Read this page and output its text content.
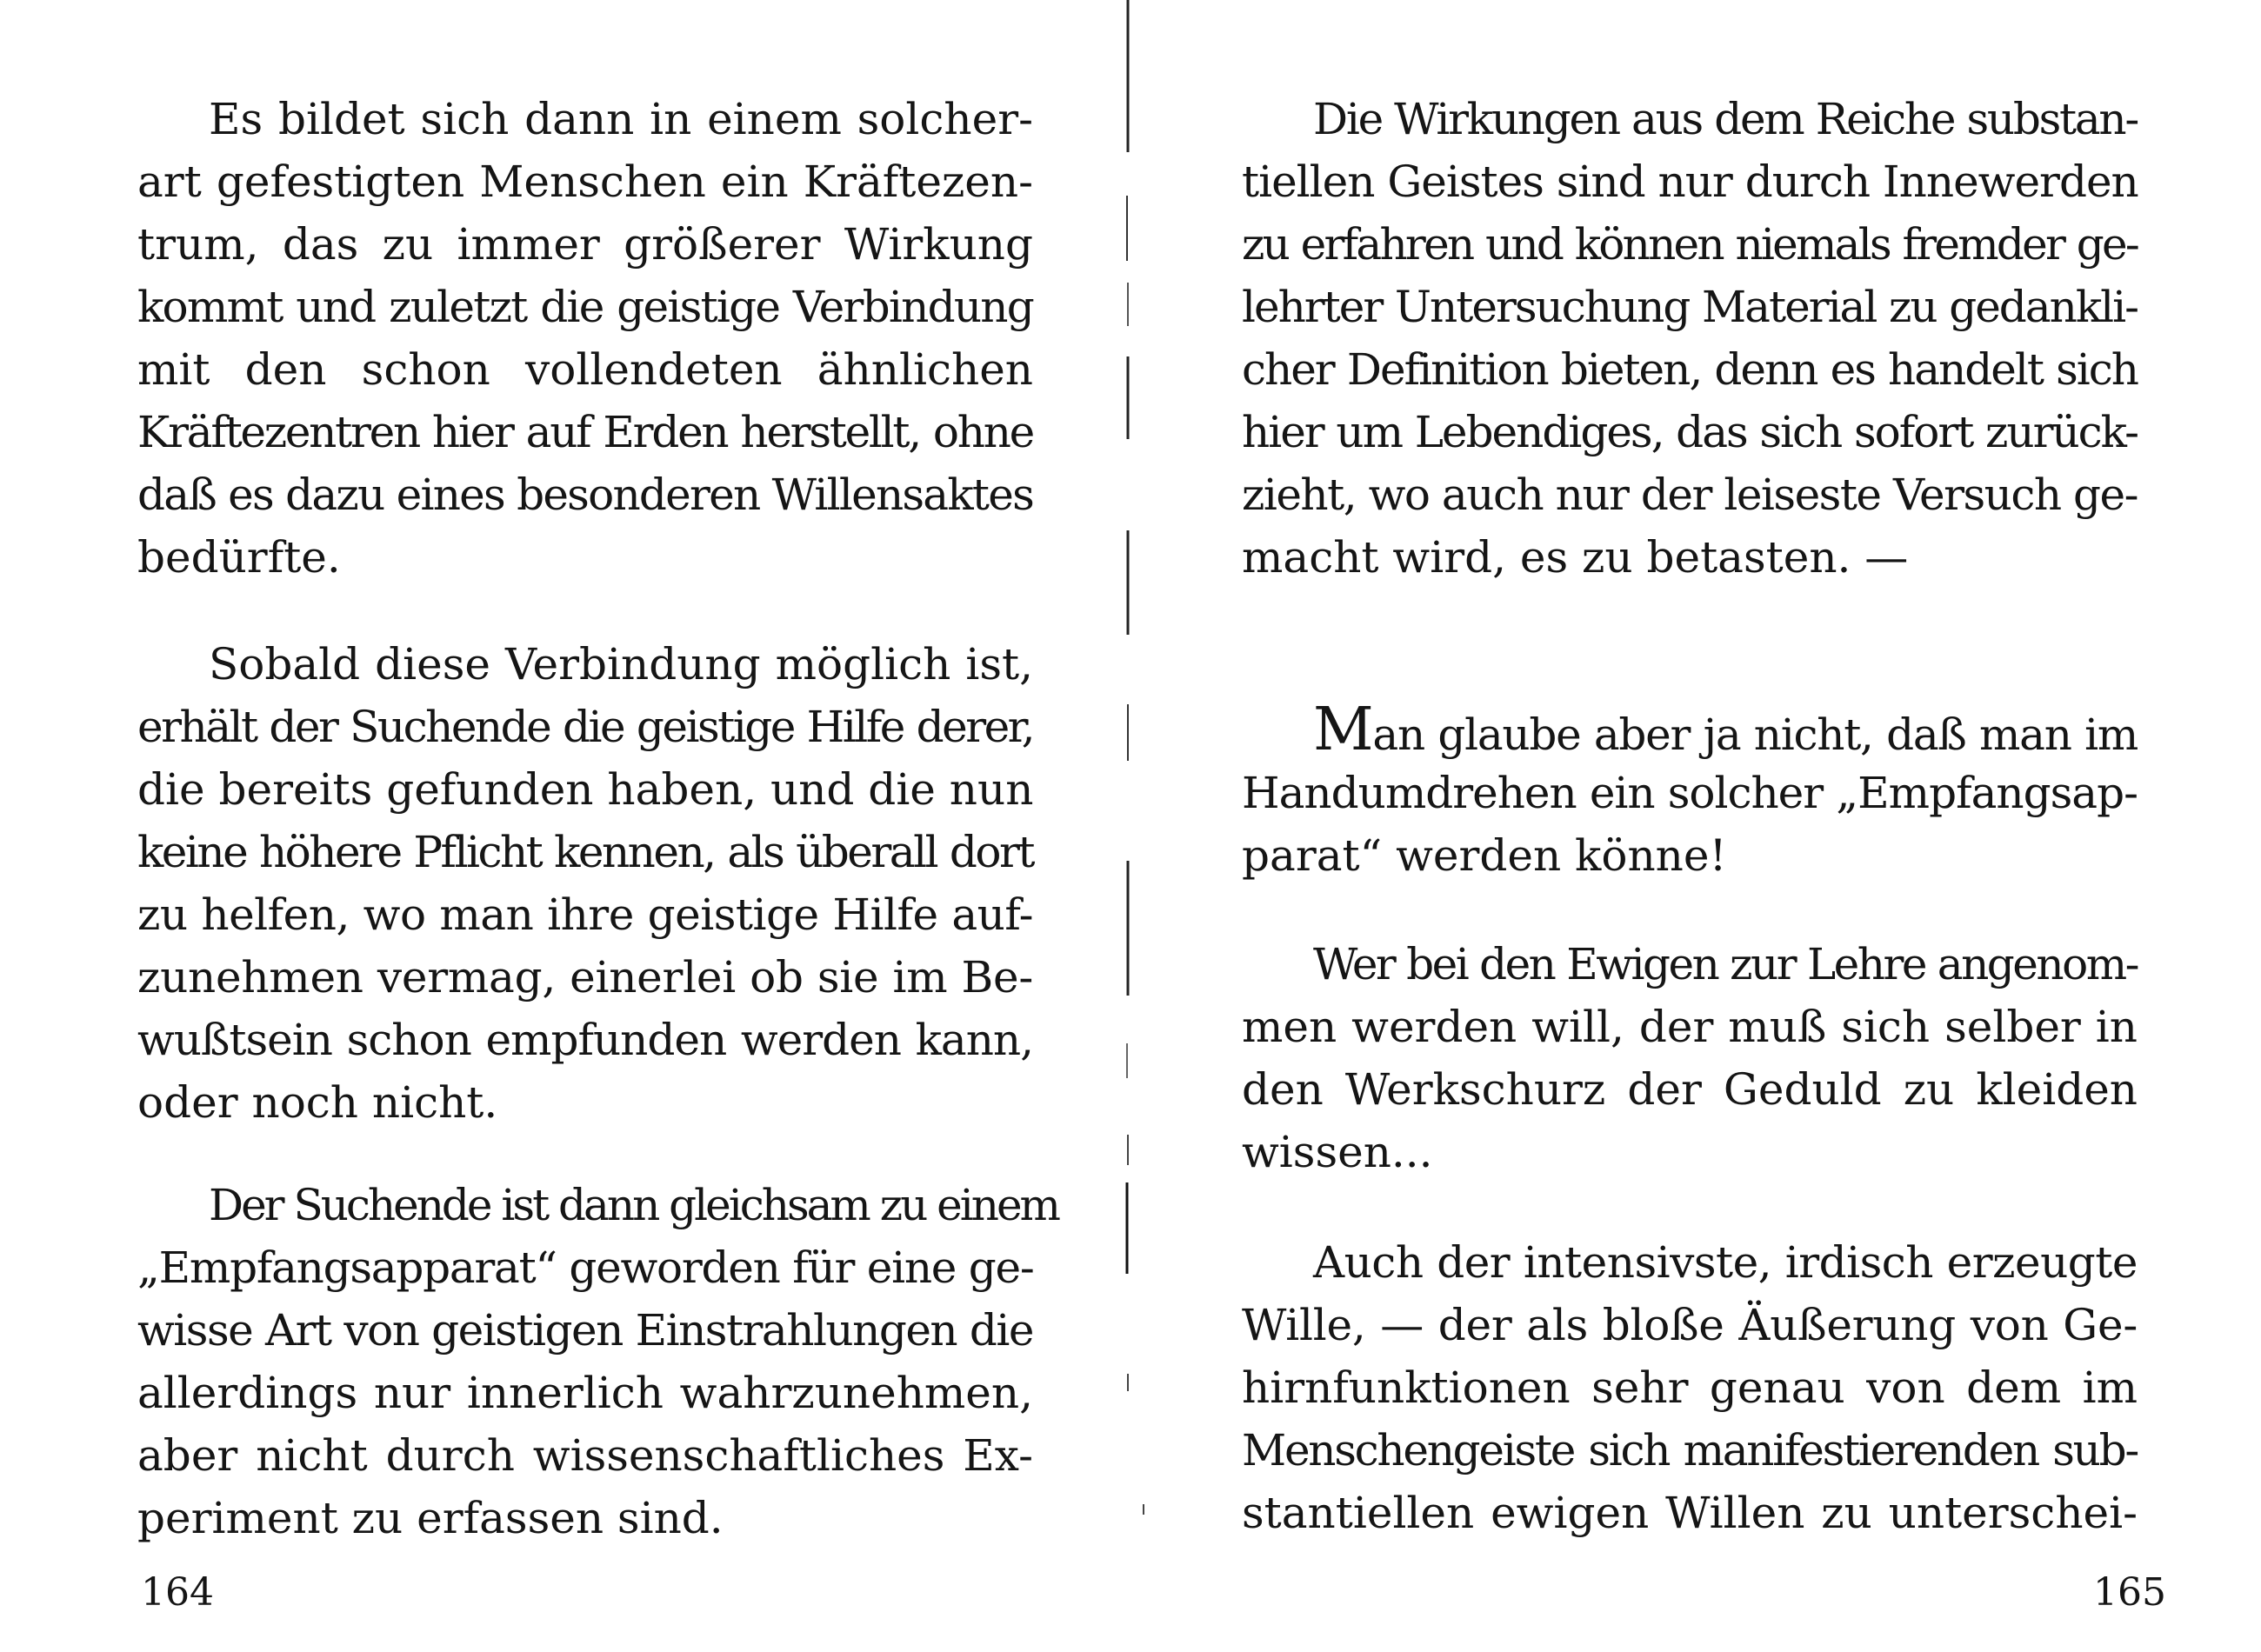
Es bildet sich dann in einem solcher-
art gefestigten Menschen ein Kräftezen-
trum, das zu immer größerer Wirkung
kommt und zuletzt die geistige Verbindung
mit den schon vollendeten ähnlichen
Kräftezentren hier auf Erden herstellt, ohne
daß es dazu eines besonderen Willensaktes
bedürfte.
Sobald diese Verbindung möglich ist,
erhält der Suchende die geistige Hilfe derer,
die bereits gefunden haben, und die nun
keine höhere Pflicht kennen, als überall dort
zu helfen, wo man ihre geistige Hilfe auf-
zunehmen vermag, einerlei ob sie im Be-
wußtsein schon empfunden werden kann,
oder noch nicht.
Der Suchende ist dann gleichsam zu einem
„Empfangsapparat“ geworden für eine ge-
wisse Art von geistigen Einstrahlungen die
allerdings nur innerlich wahrzunehmen,
aber nicht durch wissenschaftliches Ex-
periment zu erfassen sind.
164
Die Wirkungen aus dem Reiche substan-
tiellen Geistes sind nur durch Innewerden
zu erfahren und können niemals fremder ge-
lehrter Untersuchung Material zu gedankli-
cher Definition bieten, denn es handelt sich
hier um Lebendiges, das sich sofort zurück-
zieht, wo auch nur der leiseste Versuch ge-
macht wird, es zu betasten. —
Man glaube aber ja nicht, daß man im
Handumdrehen ein solcher „Empfangsap-
parat“ werden könne!
Wer bei den Ewigen zur Lehre angenom-
men werden will, der muß sich selber in
den Werkschurz der Geduld zu kleiden
wissen...
Auch der intensivste, irdisch erzeugte
Wille, — der als bloße Äußerung von Ge-
hirnfunktionen sehr genau von dem im
Menschengeiste sich manifestierenden sub-
stantiellen ewigen Willen zu unterschei-
165
